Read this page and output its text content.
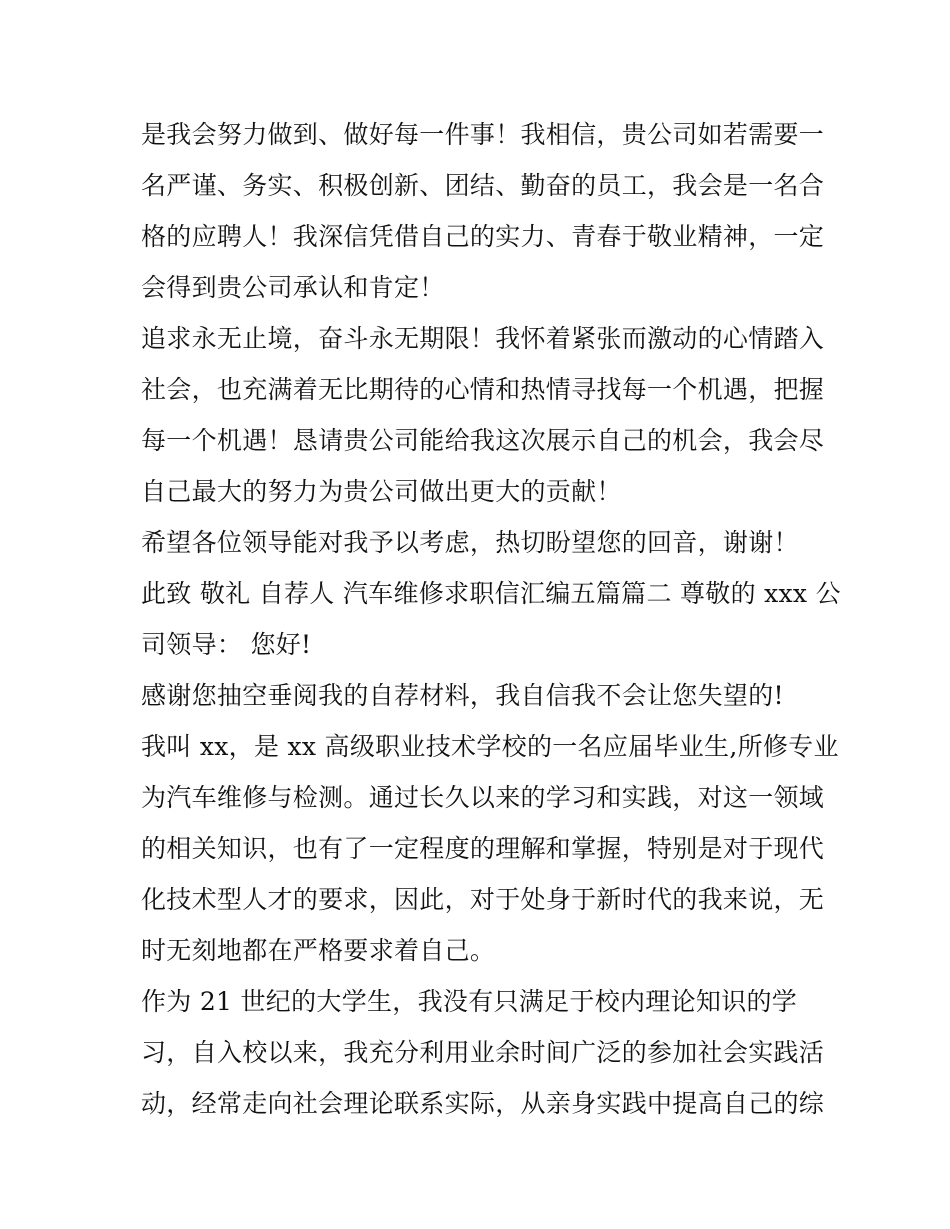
是我会努力做到、做好每一件事！我相信，贵公司如若需要一
名严谨、务实、积极创新、团结、勤奋的员工，我会是一名合
格的应聘人！我深信凭借自己的实力、青春于敬业精神，一定
会得到贵公司承认和肯定！
追求永无止境，奋斗永无期限！我怀着紧张而激动的心情踏入
社会，也充满着无比期待的心情和热情寻找每一个机遇，把握
每一个机遇！恳请贵公司能给我这次展示自己的机会，我会尽
自己最大的努力为贵公司做出更大的贡献！
希望各位领导能对我予以考虑，热切盼望您的回音，谢谢！
此致 敬礼 自荐人 汽车维修求职信汇编五篇篇二 尊敬的 xxx 公
司领导： 您好!
感谢您抽空垂阅我的自荐材料，我自信我不会让您失望的!
我叫 xx，是 xx 高级职业技术学校的一名应届毕业生,所修专业
为汽车维修与检测。通过长久以来的学习和实践，对这一领域
的相关知识，也有了一定程度的理解和掌握，特别是对于现代
化技术型人才的要求，因此，对于处身于新时代的我来说，无
时无刻地都在严格要求着自己。
作为 21 世纪的大学生，我没有只满足于校内理论知识的学
习，自入校以来，我充分利用业余时间广泛的参加社会实践活
动，经常走向社会理论联系实际，从亲身实践中提高自己的综
